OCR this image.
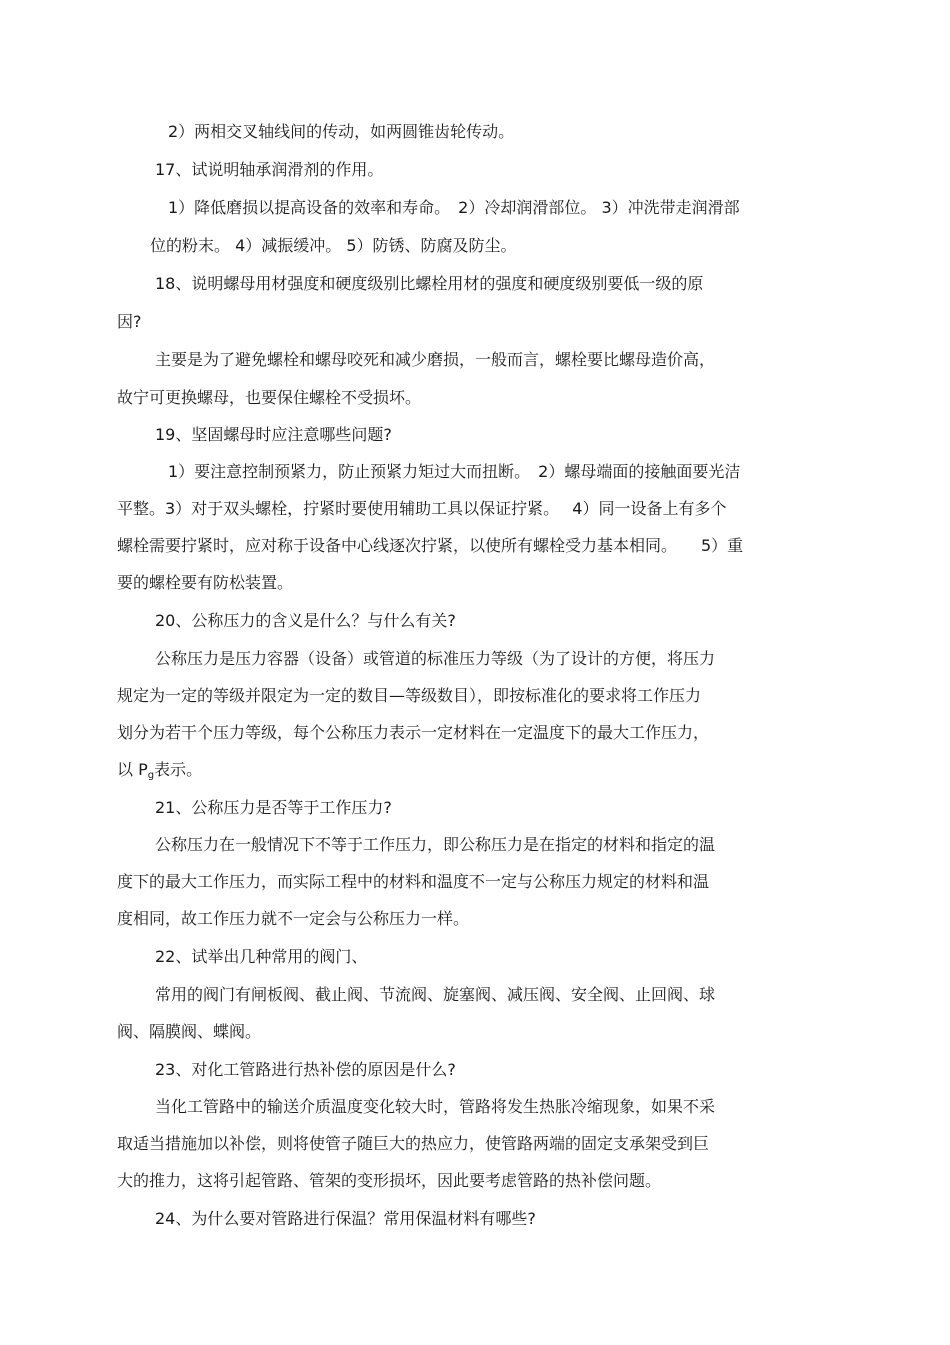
2）两相交叉轴线间的传动，如两圆锥齿轮传动。
17、试说明轴承润滑剂的作用。
1）降低磨损以提高设备的效率和寿命。　2）冷却润滑部位。 3）冲洗带走润滑部
位的粉末。 4）减振缓冲。 5）防锈、防腐及防尘。
18、说明螺母用材强度和硬度级别比螺栓用材的强度和硬度级别要低一级的原
因?
主要是为了避免螺栓和螺母咬死和减少磨损，一般而言，螺栓要比螺母造价高，
故宁可更换螺母，也要保住螺栓不受损坏。
19、坚固螺母时应注意哪些问题?
1）要注意控制预紧力，防止预紧力矩过大而扭断。　2）螺母端面的接触面要光洁
平整。3）对于双头螺栓，拧紧时要使用辅助工具以保证拧紧。　 4）同一设备上有多个
螺栓需要拧紧时，应对称于设备中心线逐次拧紧，以使所有螺栓受力基本相同。　　5）重
要的螺栓要有防松装置。
20、公称压力的含义是什么？与什么有关?
公称压力是压力容器（设备）或管道的标准压力等级（为了设计的方便，将压力
规定为一定的等级并限定为一定的数目—等级数目），即按标准化的要求将工作压力
划分为若干个压力等级，每个公称压力表示一定材料在一定温度下的最大工作压力，
以 $P_g$表示。
21、公称压力是否等于工作压力?
公称压力在一般情况下不等于工作压力，即公称压力是在指定的材料和指定的温
度下的最大工作压力，而实际工程中的材料和温度不一定与公称压力规定的材料和温
度相同，故工作压力就不一定会与公称压力一样。
22、试举出几种常用的阀门、
常用的阀门有闸板阀、截止阀、节流阀、旋塞阀、减压阀、安全阀、止回阀、球
阀、隔膜阀、蝶阀。
23、对化工管路进行热补偿的原因是什么?
当化工管路中的输送介质温度变化较大时，管路将发生热胀冷缩现象，如果不采
取适当措施加以补偿，则将使管子随巨大的热应力，使管路两端的固定支承架受到巨
大的推力，这将引起管路、管架的变形损坏，因此要考虑管路的热补偿问题。
24、为什么要对管路进行保温？常用保温材料有哪些?
